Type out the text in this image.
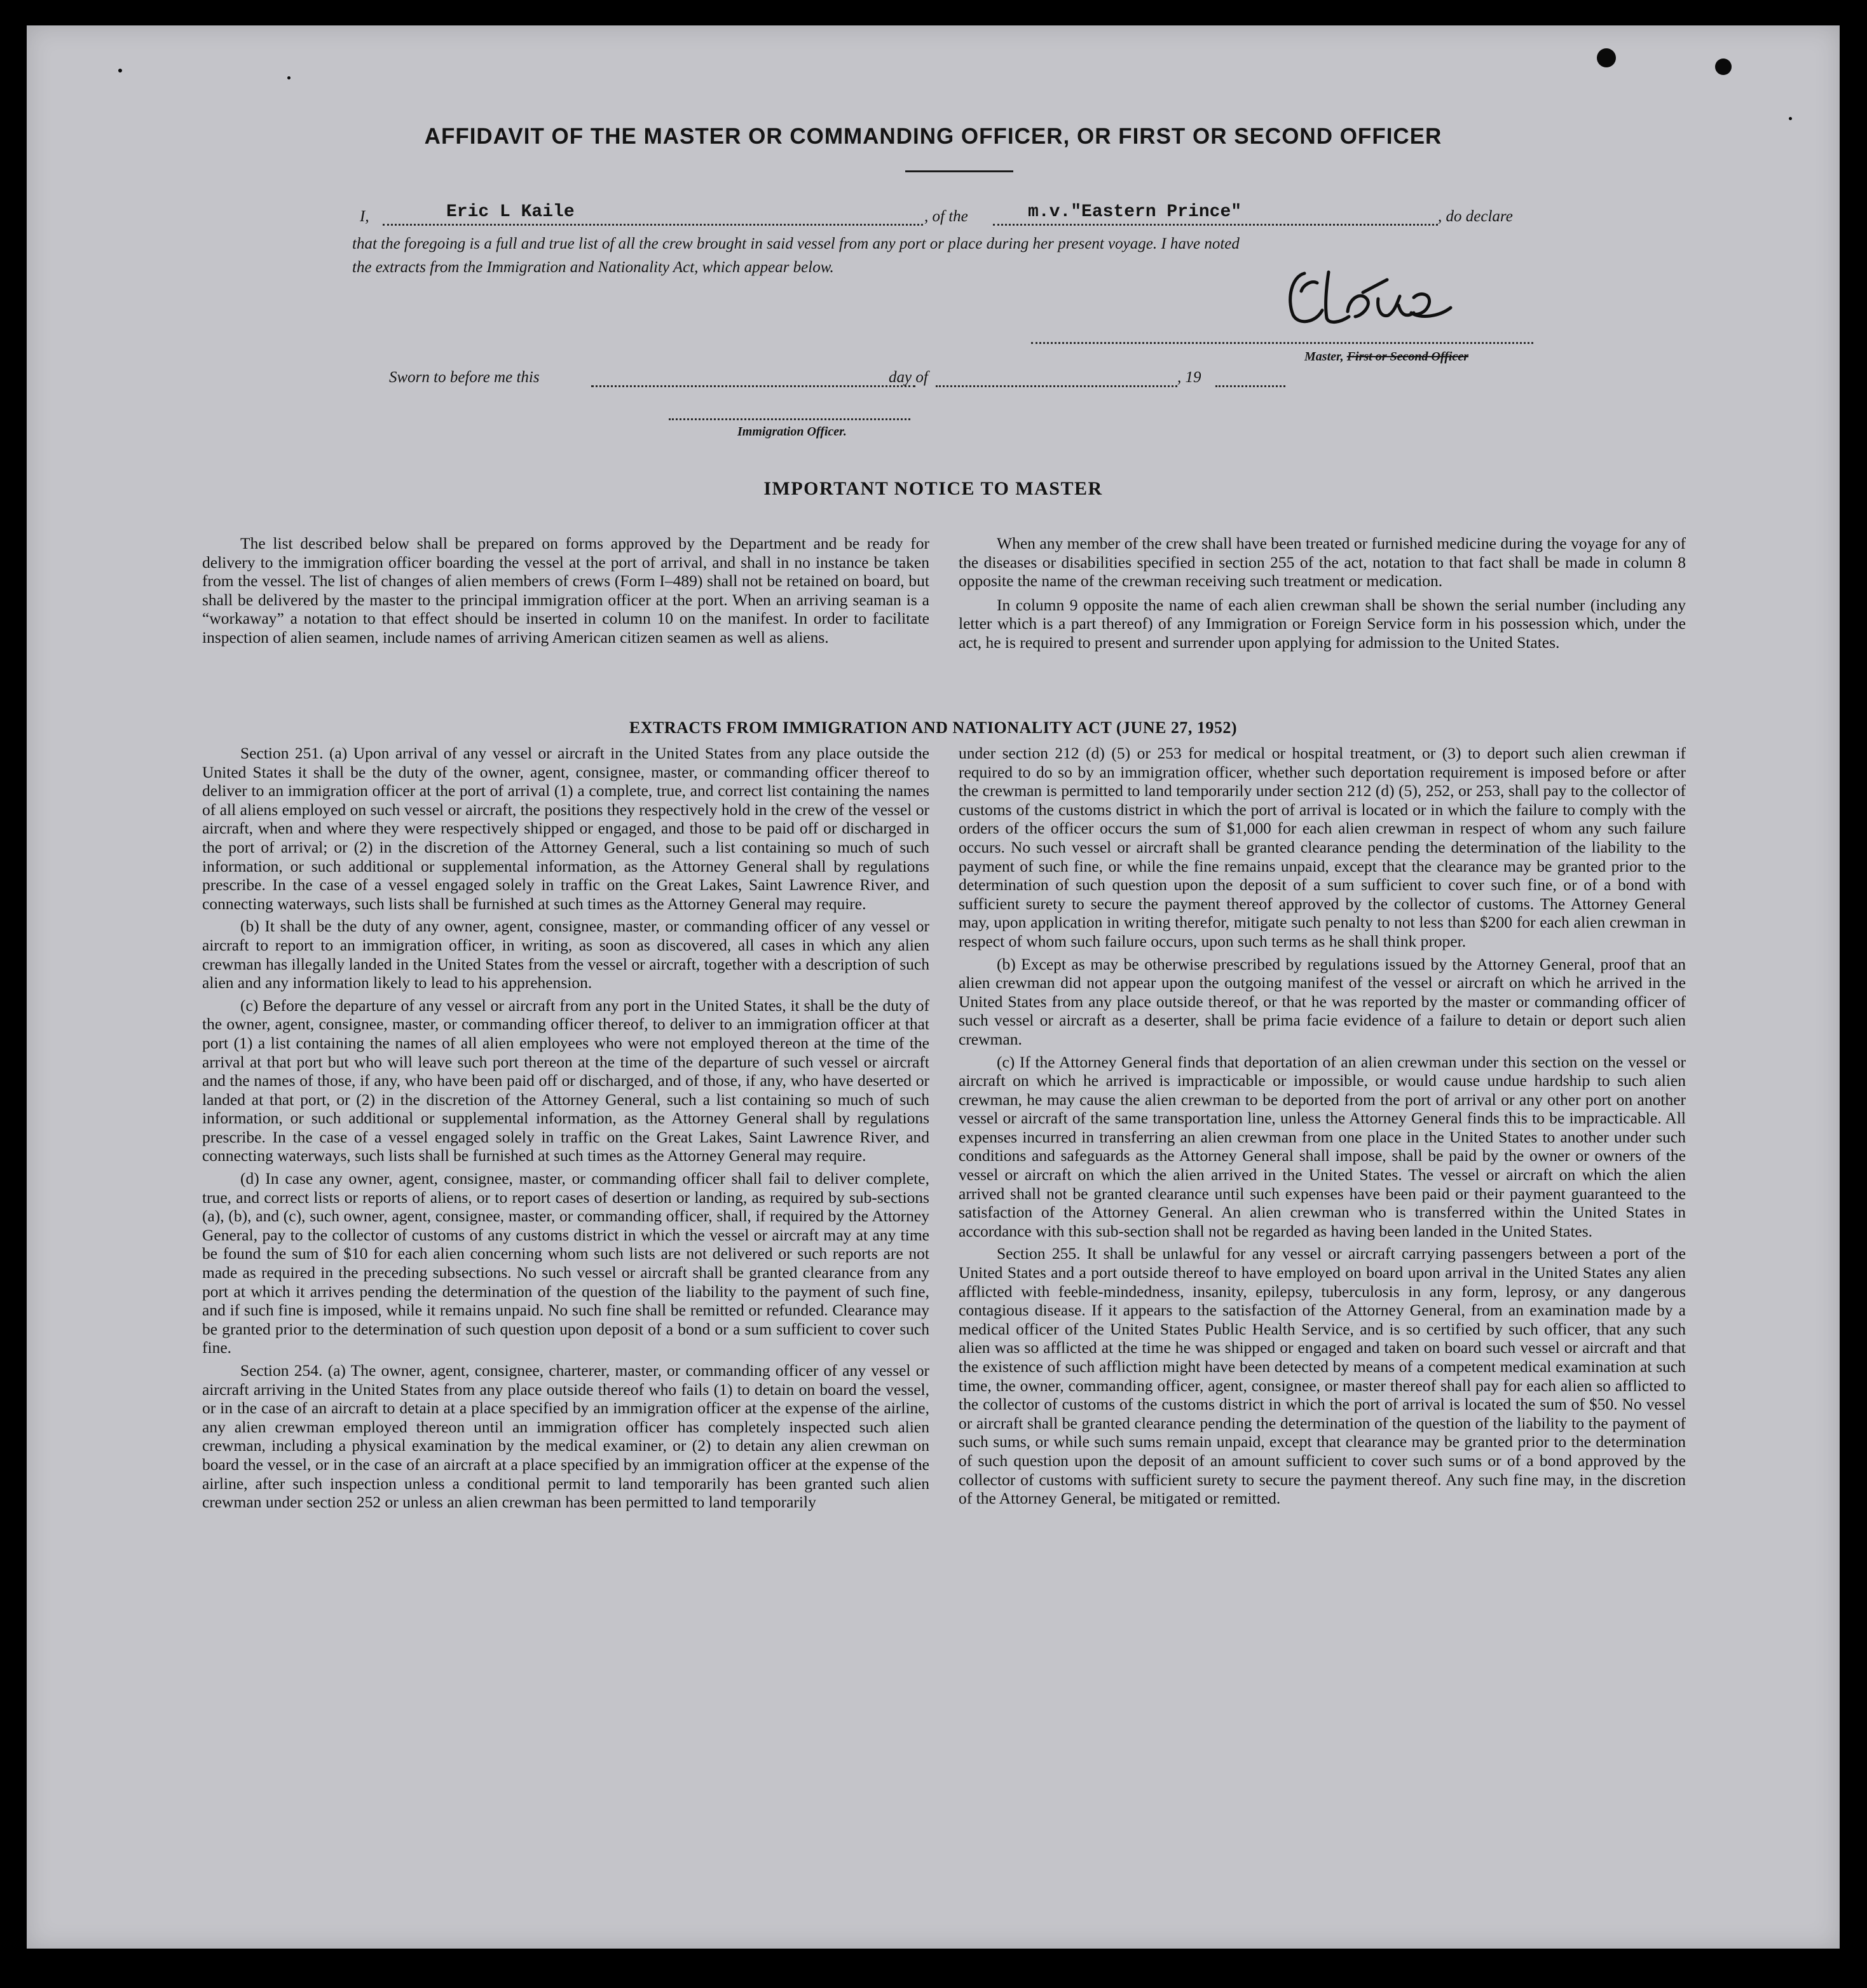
AFFIDAVIT OF THE MASTER OR COMMANDING OFFICER, OR FIRST OR SECOND OFFICER
I,	Eric L Kaile	, of the	m.v."Eastern Prince"	, do declare
that the foregoing is a full and true list of all the crew brought in said vessel from any port or place during her present voyage. I have noted
the extracts from the Immigration and Nationality Act, which appear below.
Master, First or Second Officer
Sworn to before me this	day of	, 19
Immigration Officer.
IMPORTANT NOTICE TO MASTER

The list described below shall be prepared on forms approved by the Department and be ready for delivery to the immigration officer boarding the vessel at the port of arrival, and shall in no instance be taken from the vessel. The list of changes of alien members of crews (Form I–489) shall not be retained on board, but shall be delivered by the master to the principal immigration officer at the port. When an arriving seaman is a “workaway” a notation to that effect should be inserted in column 10 on the manifest. In order to facilitate inspection of alien seamen, include names of arriving American citizen seamen as well as aliens.

When any member of the crew shall have been treated or furnished medicine during the voyage for any of the diseases or disabilities specified in section 255 of the act, notation to that fact shall be made in column 8 opposite the name of the crewman receiving such treatment or medication.

In column 9 opposite the name of each alien crewman shall be shown the serial number (including any letter which is a part thereof) of any Immigration or Foreign Service form in his possession which, under the act, he is required to present and surrender upon applying for admission to the United States.

EXTRACTS FROM IMMIGRATION AND NATIONALITY ACT (JUNE 27, 1952)

Section 251. (a) Upon arrival of any vessel or aircraft in the United States from any place outside the United States it shall be the duty of the owner, agent, consignee, master, or commanding officer thereof to deliver to an immigration officer at the port of arrival (1) a complete, true, and correct list containing the names of all aliens employed on such vessel or aircraft, the positions they respectively hold in the crew of the vessel or aircraft, when and where they were respectively shipped or engaged, and those to be paid off or discharged in the port of arrival; or (2) in the discretion of the Attorney General, such a list containing so much of such information, or such additional or supplemental information, as the Attorney General shall by regulations prescribe. In the case of a vessel engaged solely in traffic on the Great Lakes, Saint Lawrence River, and connecting waterways, such lists shall be furnished at such times as the Attorney General may require.

(b) It shall be the duty of any owner, agent, consignee, master, or commanding officer of any vessel or aircraft to report to an immigration officer, in writing, as soon as discovered, all cases in which any alien crewman has illegally landed in the United States from the vessel or aircraft, together with a description of such alien and any information likely to lead to his apprehension.

(c) Before the departure of any vessel or aircraft from any port in the United States, it shall be the duty of the owner, agent, consignee, master, or commanding officer thereof, to deliver to an immigration officer at that port (1) a list containing the names of all alien employees who were not employed thereon at the time of the arrival at that port but who will leave such port thereon at the time of the departure of such vessel or aircraft and the names of those, if any, who have been paid off or discharged, and of those, if any, who have deserted or landed at that port, or (2) in the discretion of the Attorney General, such a list containing so much of such information, or such additional or supplemental information, as the Attorney General shall by regulations prescribe. In the case of a vessel engaged solely in traffic on the Great Lakes, Saint Lawrence River, and connecting waterways, such lists shall be furnished at such times as the Attorney General may require.

(d) In case any owner, agent, consignee, master, or commanding officer shall fail to deliver complete, true, and correct lists or reports of aliens, or to report cases of desertion or landing, as required by sub-sections (a), (b), and (c), such owner, agent, consignee, master, or commanding officer, shall, if required by the Attorney General, pay to the collector of customs of any customs district in which the vessel or aircraft may at any time be found the sum of $10 for each alien concerning whom such lists are not delivered or such reports are not made as required in the preceding subsections. No such vessel or aircraft shall be granted clearance from any port at which it arrives pending the determination of the question of the liability to the payment of such fine, and if such fine is imposed, while it remains unpaid. No such fine shall be remitted or refunded. Clearance may be granted prior to the determination of such question upon deposit of a bond or a sum sufficient to cover such fine.

Section 254. (a) The owner, agent, consignee, charterer, master, or commanding officer of any vessel or aircraft arriving in the United States from any place outside thereof who fails (1) to detain on board the vessel, or in the case of an aircraft to detain at a place specified by an immigration officer at the expense of the airline, any alien crewman employed thereon until an immigration officer has completely inspected such alien crewman, including a physical examination by the medical examiner, or (2) to detain any alien crewman on board the vessel, or in the case of an aircraft at a place specified by an immigration officer at the expense of the airline, after such inspection unless a conditional permit to land temporarily has been granted such alien crewman under section 252 or unless an alien crewman has been permitted to land temporarily

under section 212 (d) (5) or 253 for medical or hospital treatment, or (3) to deport such alien crewman if required to do so by an immigration officer, whether such deportation requirement is imposed before or after the crewman is permitted to land temporarily under section 212 (d) (5), 252, or 253, shall pay to the collector of customs of the customs district in which the port of arrival is located or in which the failure to comply with the orders of the officer occurs the sum of $1,000 for each alien crewman in respect of whom any such failure occurs. No such vessel or aircraft shall be granted clearance pending the determination of the liability to the payment of such fine, or while the fine remains unpaid, except that the clearance may be granted prior to the determination of such question upon the deposit of a sum sufficient to cover such fine, or of a bond with sufficient surety to secure the payment thereof approved by the collector of customs. The Attorney General may, upon application in writing therefor, mitigate such penalty to not less than $200 for each alien crewman in respect of whom such failure occurs, upon such terms as he shall think proper.

(b) Except as may be otherwise prescribed by regulations issued by the Attorney General, proof that an alien crewman did not appear upon the outgoing manifest of the vessel or aircraft on which he arrived in the United States from any place outside thereof, or that he was reported by the master or commanding officer of such vessel or aircraft as a deserter, shall be prima facie evidence of a failure to detain or deport such alien crewman.

(c) If the Attorney General finds that deportation of an alien crewman under this section on the vessel or aircraft on which he arrived is impracticable or impossible, or would cause undue hardship to such alien crewman, he may cause the alien crewman to be deported from the port of arrival or any other port on another vessel or aircraft of the same transportation line, unless the Attorney General finds this to be impracticable. All expenses incurred in transferring an alien crewman from one place in the United States to another under such conditions and safeguards as the Attorney General shall impose, shall be paid by the owner or owners of the vessel or aircraft on which the alien arrived in the United States. The vessel or aircraft on which the alien arrived shall not be granted clearance until such expenses have been paid or their payment guaranteed to the satisfaction of the Attorney General. An alien crewman who is transferred within the United States in accordance with this sub-section shall not be regarded as having been landed in the United States.

Section 255. It shall be unlawful for any vessel or aircraft carrying passengers between a port of the United States and a port outside thereof to have employed on board upon arrival in the United States any alien afflicted with feeble-mindedness, insanity, epilepsy, tuberculosis in any form, leprosy, or any dangerous contagious disease. If it appears to the satisfaction of the Attorney General, from an examination made by a medical officer of the United States Public Health Service, and is so certified by such officer, that any such alien was so afflicted at the time he was shipped or engaged and taken on board such vessel or aircraft and that the existence of such affliction might have been detected by means of a competent medical examination at such time, the owner, commanding officer, agent, consignee, or master thereof shall pay for each alien so afflicted to the collector of customs of the customs district in which the port of arrival is located the sum of $50. No vessel or aircraft shall be granted clearance pending the determination of the question of the liability to the payment of such sums, or while such sums remain unpaid, except that clearance may be granted prior to the determination of such question upon the deposit of an amount sufficient to cover such sums or of a bond approved by the collector of customs with sufficient surety to secure the payment thereof. Any such fine may, in the discretion of the Attorney General, be mitigated or remitted.
